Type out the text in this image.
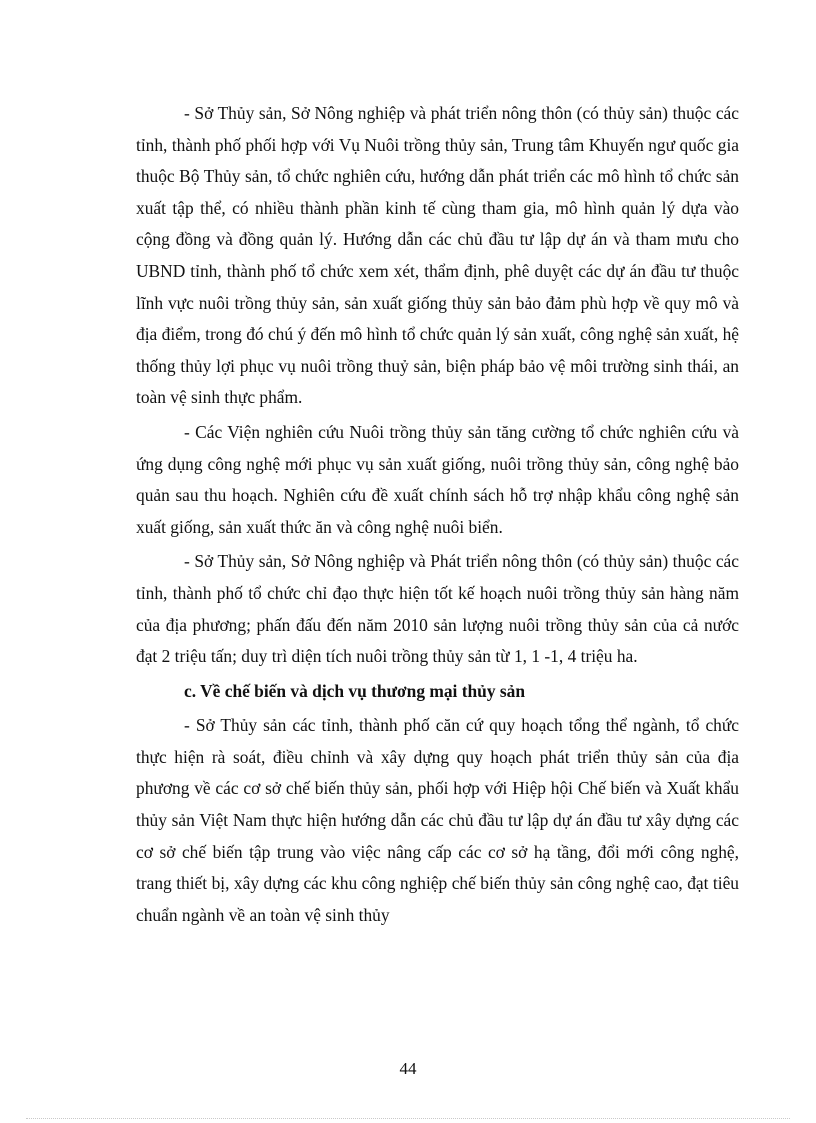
- Sở Thủy sản, Sở Nông nghiệp và phát triển nông thôn (có thủy sản) thuộc các tỉnh, thành phố phối hợp với Vụ Nuôi trồng thủy sản, Trung tâm Khuyến ngư quốc gia thuộc Bộ Thủy sản, tổ chức nghiên cứu, hướng dẫn phát triển các mô hình tổ chức sản xuất tập thể, có nhiều thành phần kinh tế cùng tham gia, mô hình quản lý dựa vào cộng đồng và đồng quản lý. Hướng dẫn các chủ đầu tư lập dự án và tham mưu cho UBND tỉnh, thành phố tổ chức xem xét, thẩm định, phê duyệt các dự án đầu tư thuộc lĩnh vực nuôi trồng thủy sản, sản xuất giống thủy sản bảo đảm phù hợp về quy mô và địa điểm, trong đó chú ý đến mô hình tổ chức quản lý sản xuất, công nghệ sản xuất, hệ thống thủy lợi phục vụ nuôi trồng thuỷ sản, biện pháp bảo vệ môi trường sinh thái, an toàn vệ sinh thực phẩm.

- Các Viện nghiên cứu Nuôi trồng thủy sản tăng cường tổ chức nghiên cứu và ứng dụng công nghệ mới phục vụ sản xuất giống, nuôi trồng thủy sản, công nghệ bảo quản sau thu hoạch. Nghiên cứu đề xuất chính sách hỗ trợ nhập khẩu công nghệ sản xuất giống, sản xuất thức ăn và công nghệ nuôi biển.

- Sở Thủy sản, Sở Nông nghiệp và Phát triển nông thôn (có thủy sản) thuộc các tỉnh, thành phố tổ chức chỉ đạo thực hiện tốt kế hoạch nuôi trồng thủy sản hàng năm của địa phương; phấn đấu đến năm 2010 sản lượng nuôi trồng thủy sản của cả nước đạt 2 triệu tấn; duy trì diện tích nuôi trồng thủy sản từ 1, 1 -1, 4 triệu ha.

c. Về chế biến và dịch vụ thương mại thủy sản

- Sở Thủy sản các tỉnh, thành phố căn cứ quy hoạch tổng thể ngành, tổ chức thực hiện rà soát, điều chỉnh và xây dựng quy hoạch phát triển thủy sản của địa phương về các cơ sở chế biến thủy sản, phối hợp với Hiệp hội Chế biến và Xuất khẩu thủy sản Việt Nam thực hiện hướng dẫn các chủ đầu tư lập dự án đầu tư xây dựng các cơ sở chế biến tập trung vào việc nâng cấp các cơ sở hạ tầng, đổi mới công nghệ, trang thiết bị, xây dựng các khu công nghiệp chế biến thủy sản công nghệ cao, đạt tiêu chuẩn ngành về an toàn vệ sinh thủy

44
